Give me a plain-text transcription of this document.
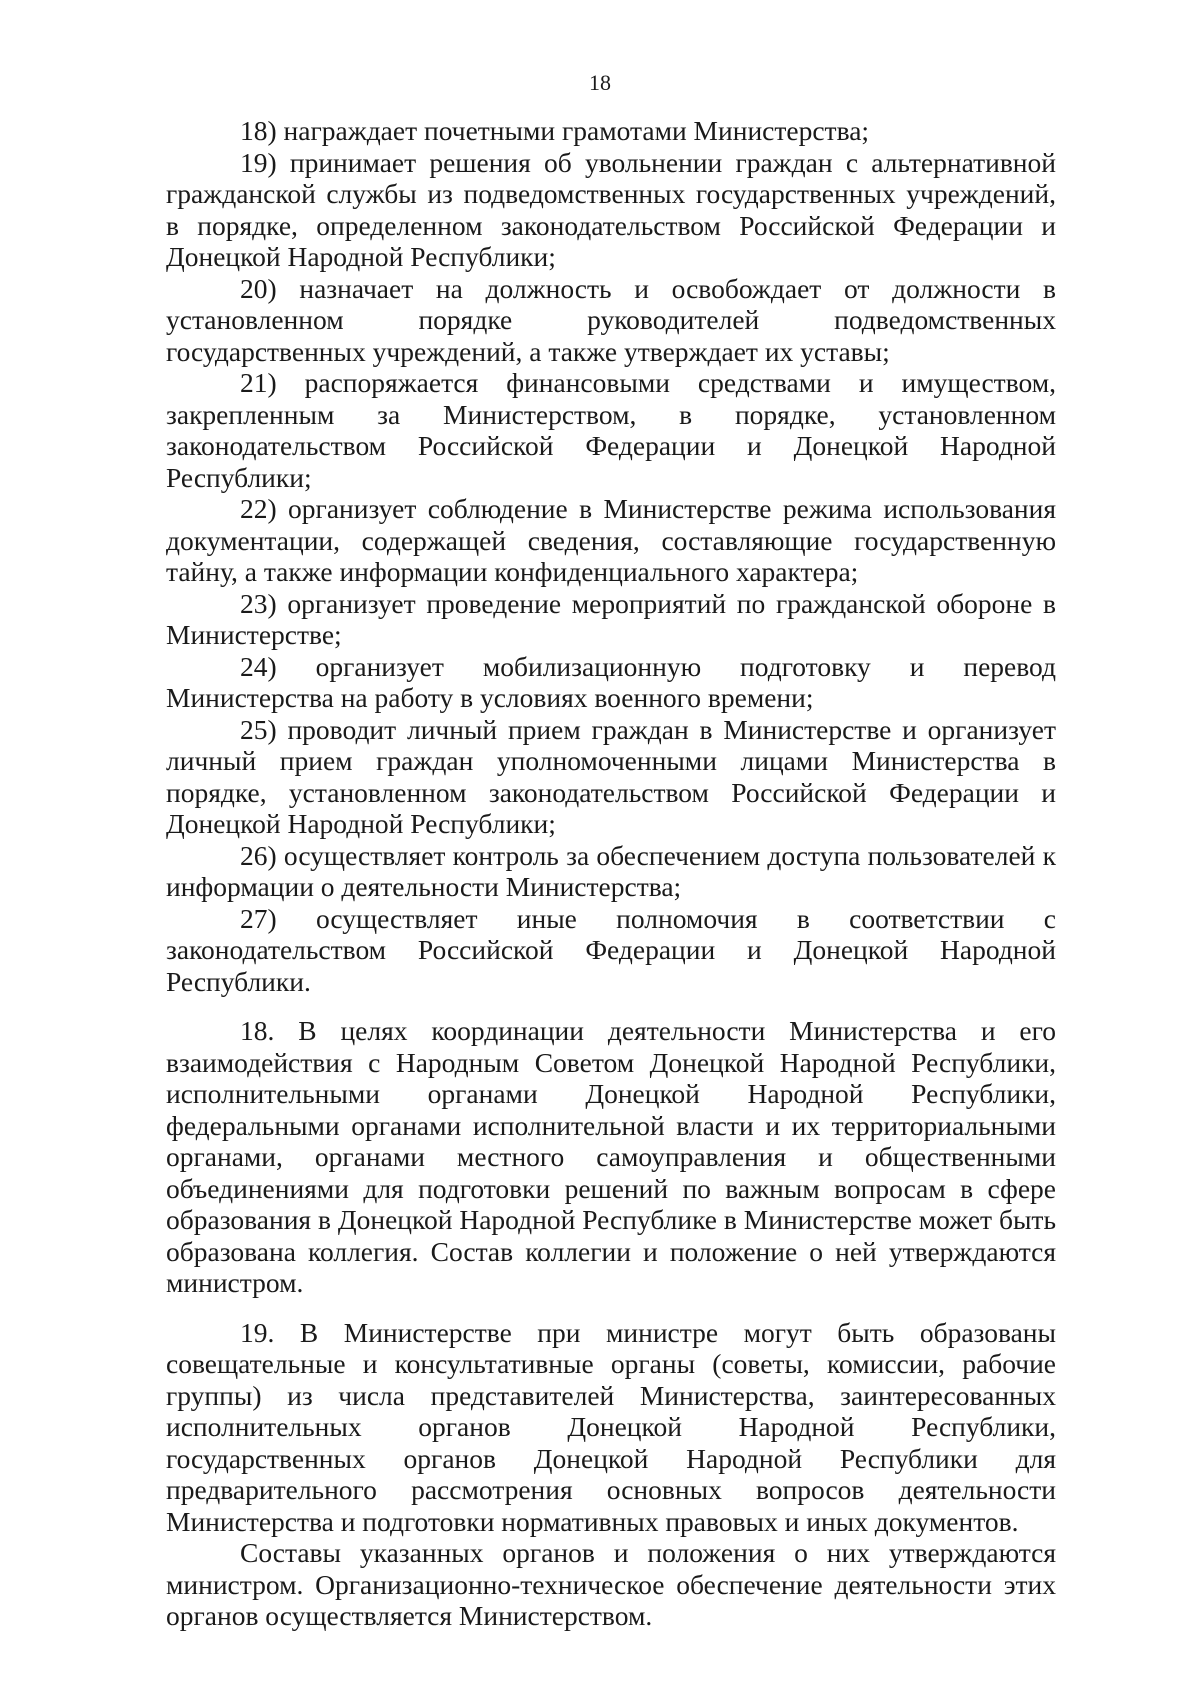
18

18) награждает почетными грамотами Министерства;

19) принимает решения об увольнении граждан с альтернативной гражданской службы из подведомственных государственных учреждений, в порядке, определенном законодательством Российской Федерации и Донецкой Народной Республики;

20) назначает на должность и освобождает от должности в установленном порядке руководителей подведомственных государственных учреждений, а также утверждает их уставы;

21) распоряжается финансовыми средствами и имуществом, закрепленным за Министерством, в порядке, установленном законодательством Российской Федерации и Донецкой Народной Республики;

22) организует соблюдение в Министерстве режима использования документации, содержащей сведения, составляющие государственную тайну, а также информации конфиденциального характера;

23) организует проведение мероприятий по гражданской обороне в Министерстве;

24) организует мобилизационную подготовку и перевод Министерства на работу в условиях военного времени;

25) проводит личный прием граждан в Министерстве и организует личный прием граждан уполномоченными лицами Министерства в порядке, установленном законодательством Российской Федерации и Донецкой Народной Республики;

26) осуществляет контроль за обеспечением доступа пользователей к информации о деятельности Министерства;

27) осуществляет иные полномочия в соответствии с законодательством Российской Федерации и Донецкой Народной Республики.

18. В целях координации деятельности Министерства и его взаимодействия с Народным Советом Донецкой Народной Республики, исполнительными органами Донецкой Народной Республики, федеральными органами исполнительной власти и их территориальными органами, органами местного самоуправления и общественными объединениями для подготовки решений по важным вопросам в сфере образования в Донецкой Народной Республике в Министерстве может быть образована коллегия. Состав коллегии и положение о ней утверждаются министром.

19. В Министерстве при министре могут быть образованы совещательные и консультативные органы (советы, комиссии, рабочие группы) из числа представителей Министерства, заинтересованных исполнительных органов Донецкой Народной Республики, государственных органов Донецкой Народной Республики для предварительного рассмотрения основных вопросов деятельности Министерства и подготовки нормативных правовых и иных документов.

Составы указанных органов и положения о них утверждаются министром. Организационно-техническое обеспечение деятельности этих органов осуществляется Министерством.
